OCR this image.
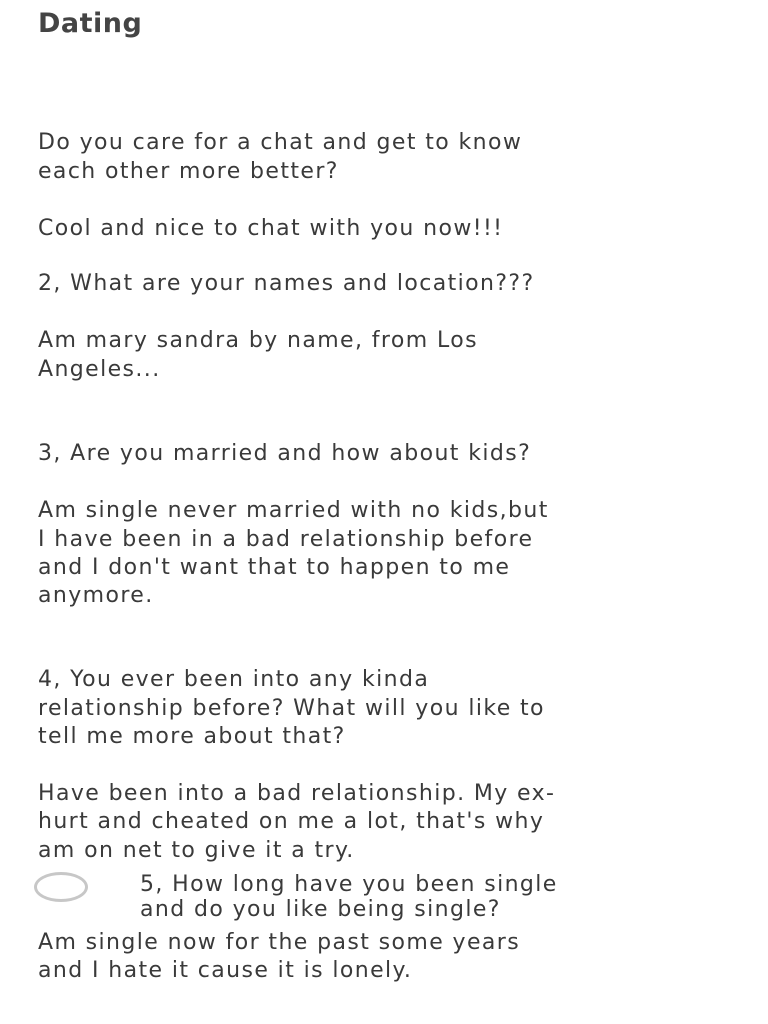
Dating

Do you care for a chat and get to know
each other more better?

Cool and nice to chat with you now!!!

2, What are your names and location???

Am mary sandra by name, from Los
Angeles...

3, Are you married and how about kids?

Am single never married with no kids,but
I have been in a bad relationship before
and I don't want that to happen to me
anymore.

4, You ever been into any kinda
relationship before? What will you like to
tell me more about that?

Have been into a bad relationship. My ex-
hurt and cheated on me a lot, that's why
am on net to give it a try.

5, How long have you been single
and do you like being single?
Am single now for the past some years
and I hate it cause it is lonely.
